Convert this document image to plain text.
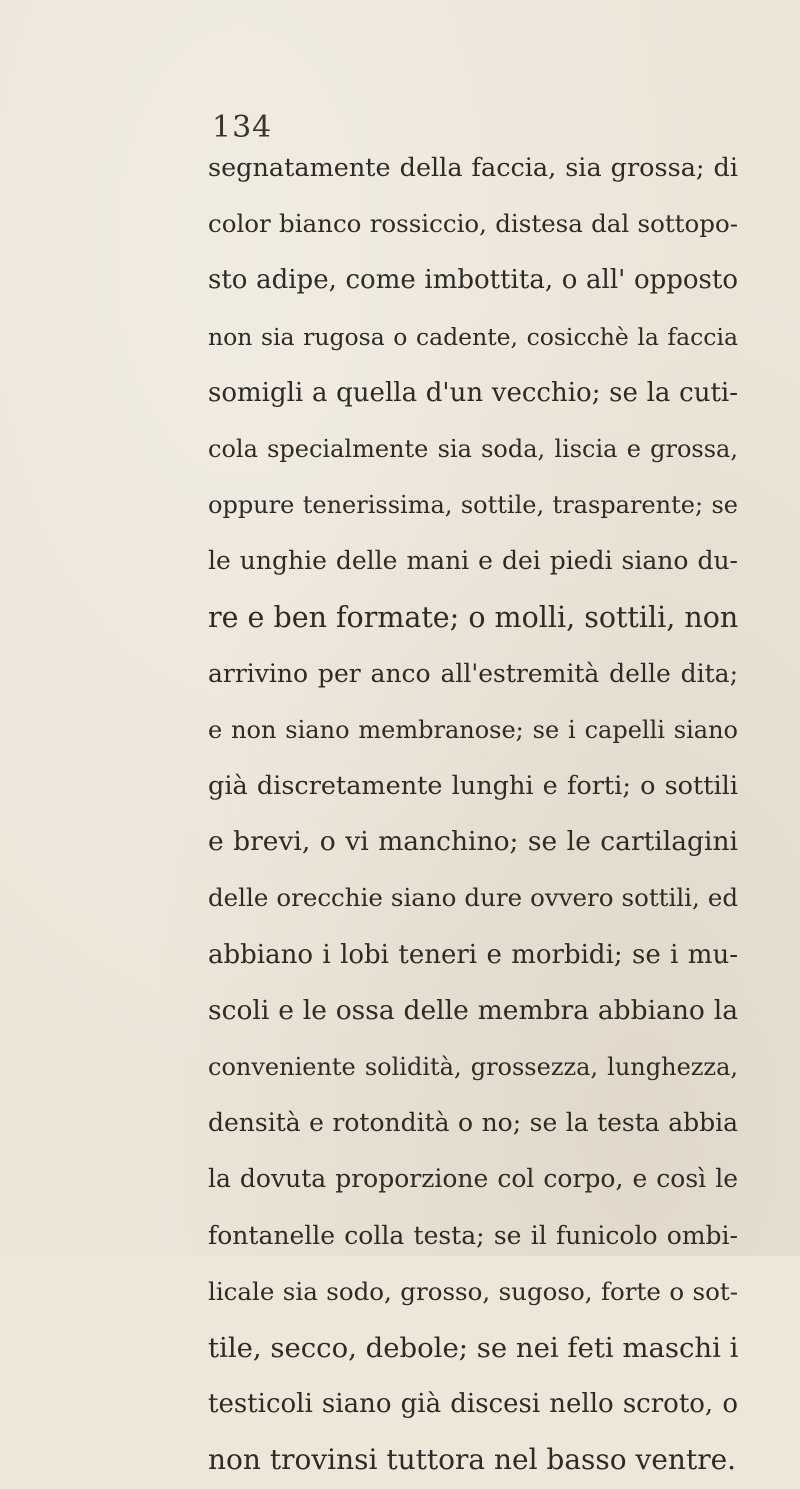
134
segnatamente della faccia, sia grossa; di
color bianco rossiccio, distesa dal sottopo-
sto adipe, come imbottita, o all' opposto
non sia rugosa o cadente, cosicchè la faccia
somigli a quella d'un vecchio; se la cuti-
cola specialmente sia soda, liscia e grossa,
oppure tenerissima, sottile, trasparente; se
le unghie delle mani e dei piedi siano du-
re e ben formate; o molli, sottili, non
arrivino per anco all'estremità delle dita;
e non siano membranose; se i capelli siano
già discretamente lunghi e forti; o sottili
e brevi, o vi manchino; se le cartilagini
delle orecchie siano dure ovvero sottili, ed
abbiano i lobi teneri e morbidi; se i mu-
scoli e le ossa delle membra abbiano la
conveniente solidità, grossezza, lunghezza,
densità e rotondità o no; se la testa abbia
la dovuta proporzione col corpo, e così le
fontanelle colla testa; se il funicolo ombi-
licale sia sodo, grosso, sugoso, forte o sot-
tile, secco, debole; se nei feti maschi i
testicoli siano già discesi nello scroto, o
non trovinsi tuttora nel basso ventre.
